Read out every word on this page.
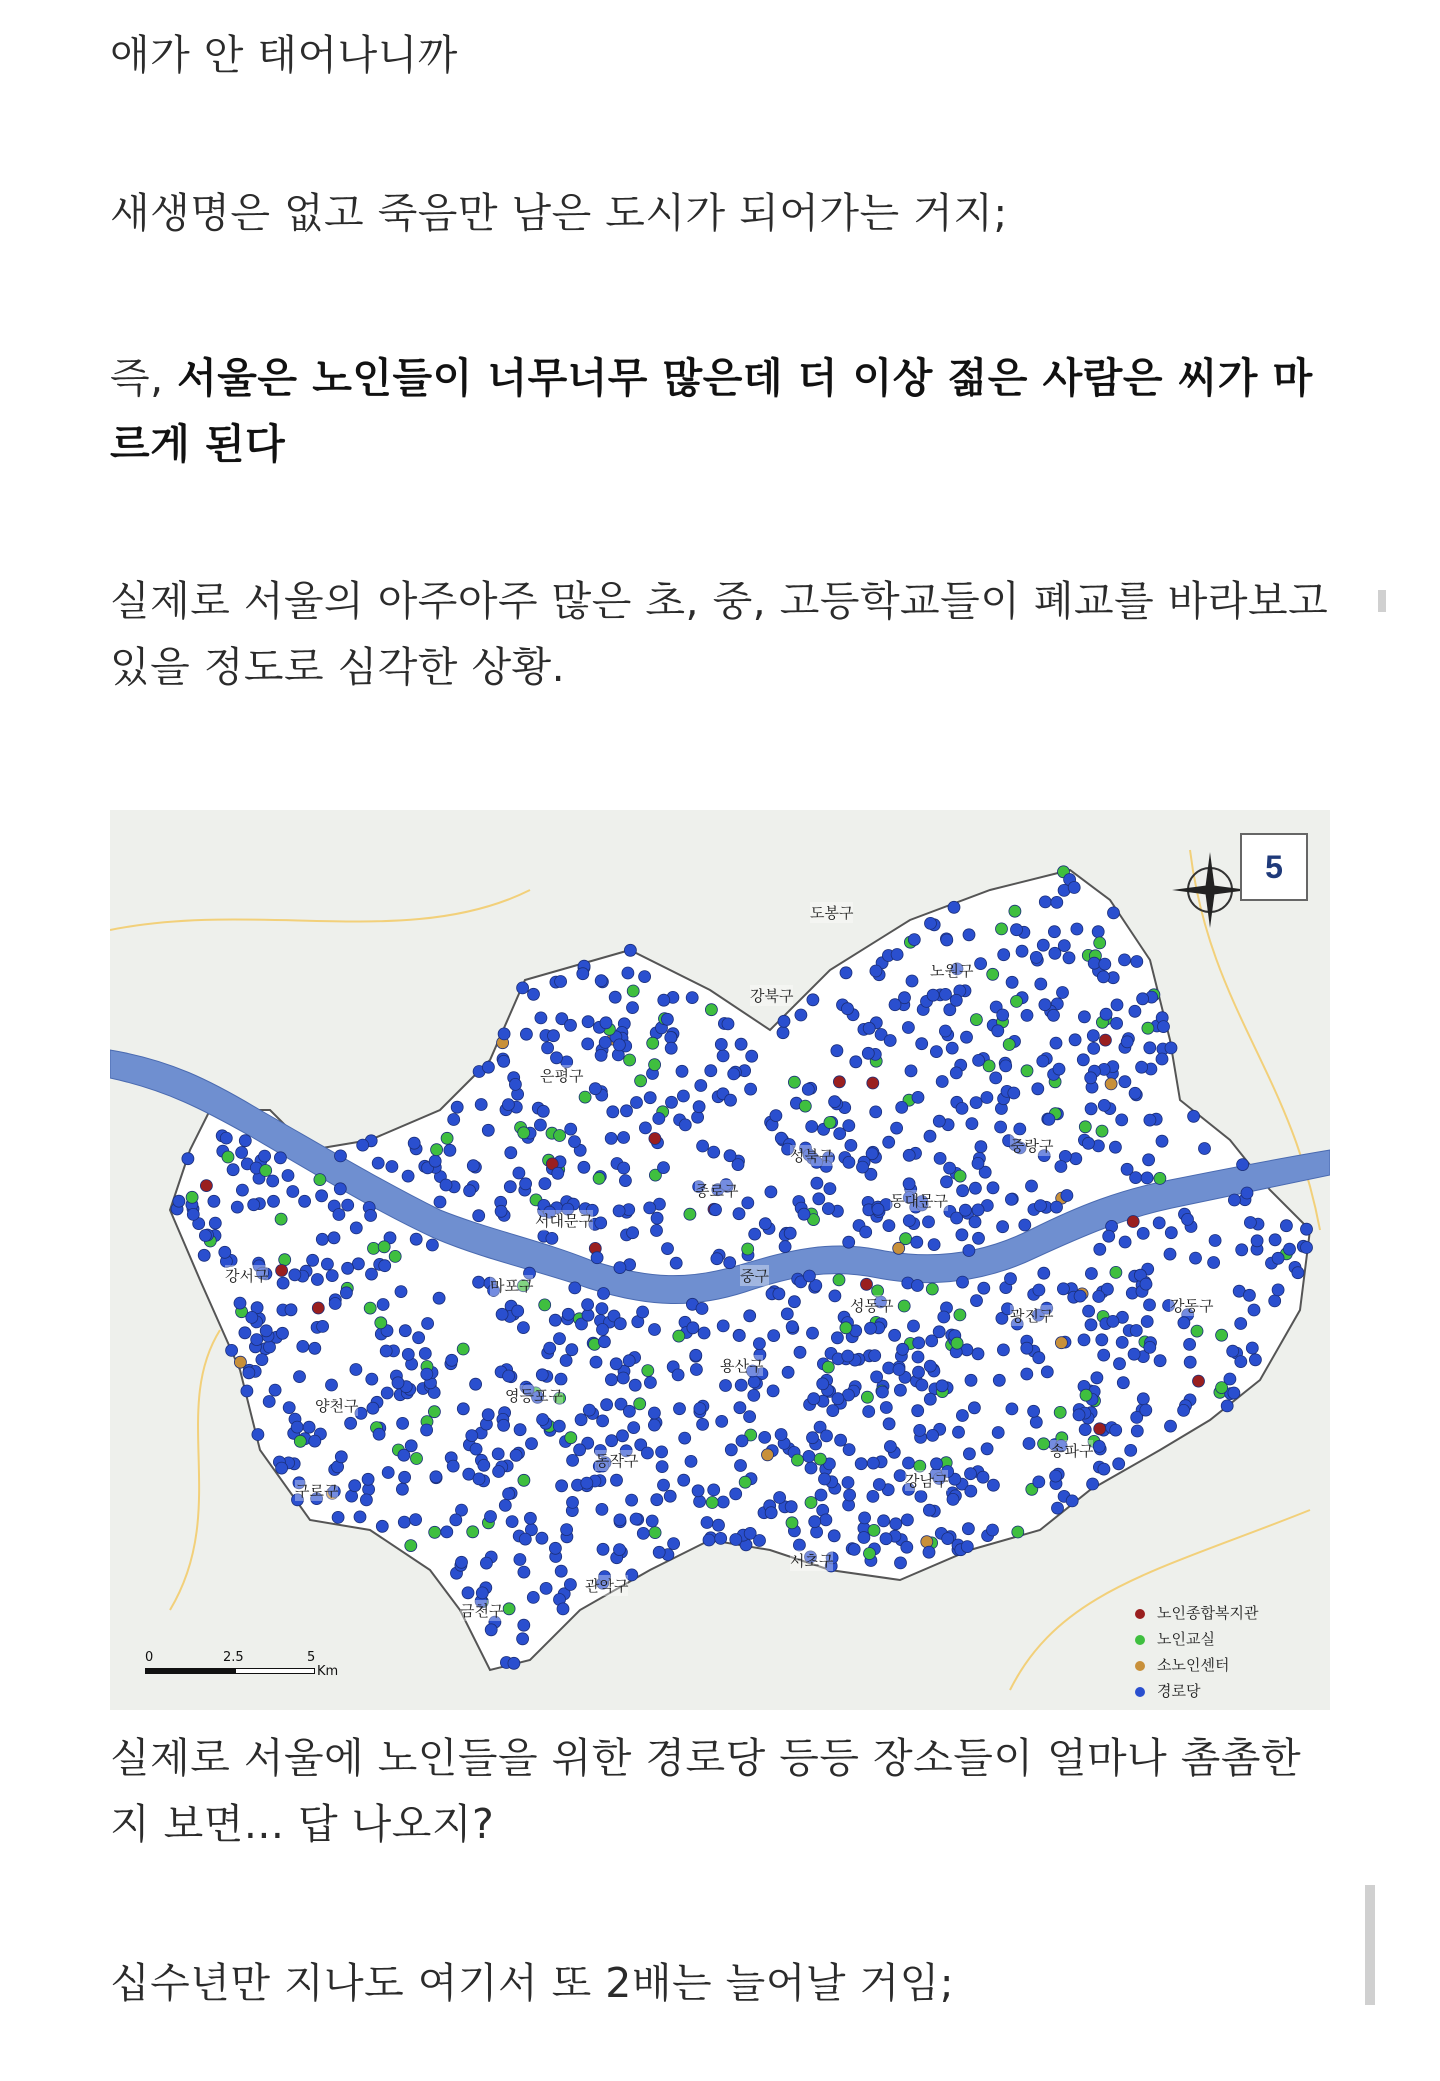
애가 안 태어나니까

새생명은 없고 죽음만 남은 도시가 되어가는 거지;

즉, 서울은 노인들이 너무너무 많은데 더 이상 젊은 사람은 씨가 마르게 된다

실제로 서울의 아주아주 많은 초, 중, 고등학교들이 폐교를 바라보고 있을 정도로 심각한 상황.

도봉구
노원구
강북구
은평구
성북구
중랑구
종로구
서대문구
동대문구
강서구
마포구
중구
성동구
광진구
강동구
용산구
영등포구
양천구
송파구
동작구
강남구
구로구
서초구
관악구
금천구
5
노인종합복지관
노인교실
소노인센터
경로당
0	2.5	5
Km

실제로 서울에 노인들을 위한 경로당 등등 장소들이 얼마나 촘촘한지 보면... 답 나오지?

십수년만 지나도 여기서 또 2배는 늘어날 거임;
